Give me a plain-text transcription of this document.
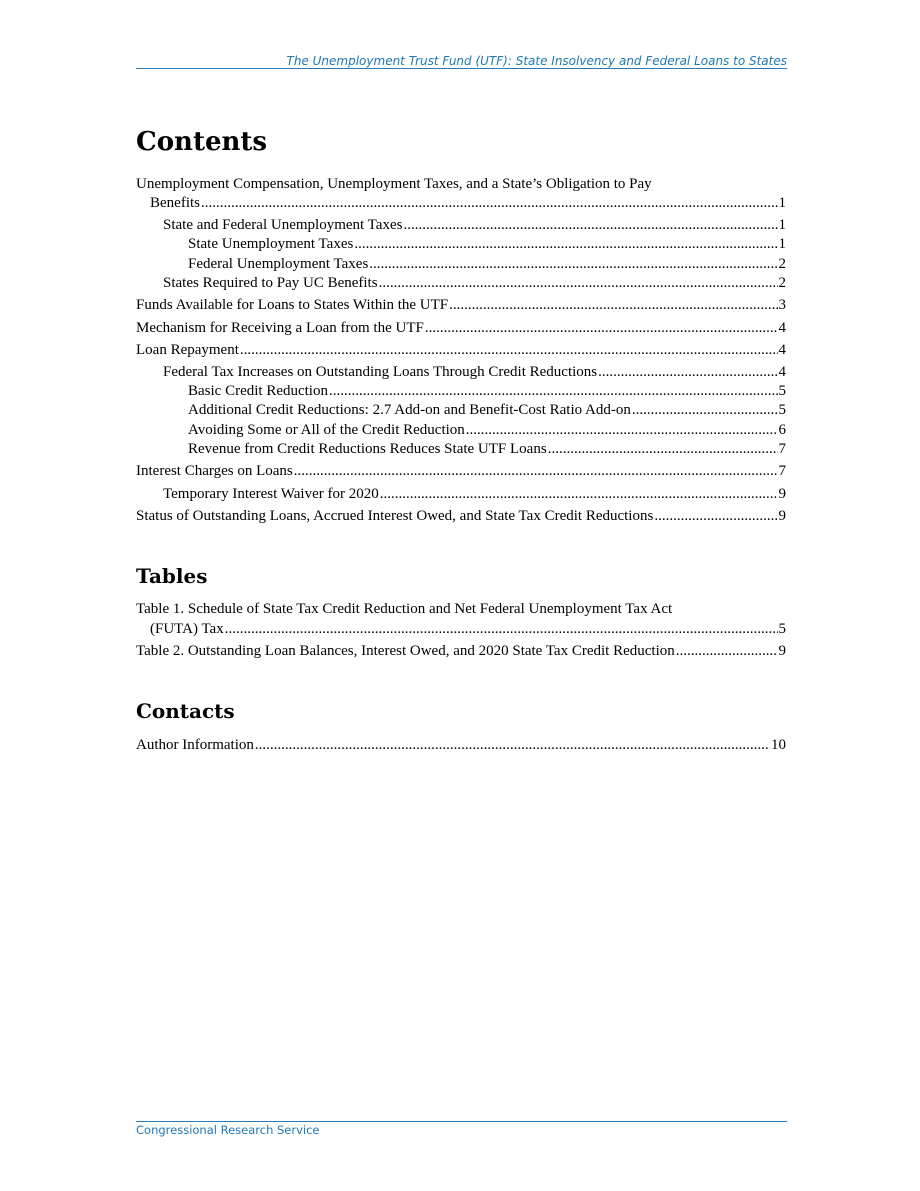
The Unemployment Trust Fund (UTF): State Insolvency and Federal Loans to States
Contents
Unemployment Compensation, Unemployment Taxes, and a State’s Obligation to Pay
Benefits .....	1
State and Federal Unemployment Taxes .....	1
State Unemployment Taxes .....	1
Federal Unemployment Taxes .....	2
States Required to Pay UC Benefits .....	2
Funds Available for Loans to States Within the UTF .....	3
Mechanism for Receiving a Loan from the UTF .....	4
Loan Repayment .....	4
Federal Tax Increases on Outstanding Loans Through Credit Reductions .....	4
Basic Credit Reduction .....	5
Additional Credit Reductions: 2.7 Add-on and Benefit-Cost Ratio Add-on .....	5
Avoiding Some or All of the Credit Reduction .....	6
Revenue from Credit Reductions Reduces State UTF Loans .....	7
Interest Charges on Loans .....	7
Temporary Interest Waiver for 2020 .....	9
Status of Outstanding Loans, Accrued Interest Owed, and State Tax Credit Reductions .....	9
Tables
Table 1. Schedule of State Tax Credit Reduction and Net Federal Unemployment Tax Act
(FUTA) Tax .....	5
Table 2. Outstanding Loan Balances, Interest Owed, and 2020 State Tax Credit Reduction .....	9
Contacts
Author Information .....	10
Congressional Research Service
